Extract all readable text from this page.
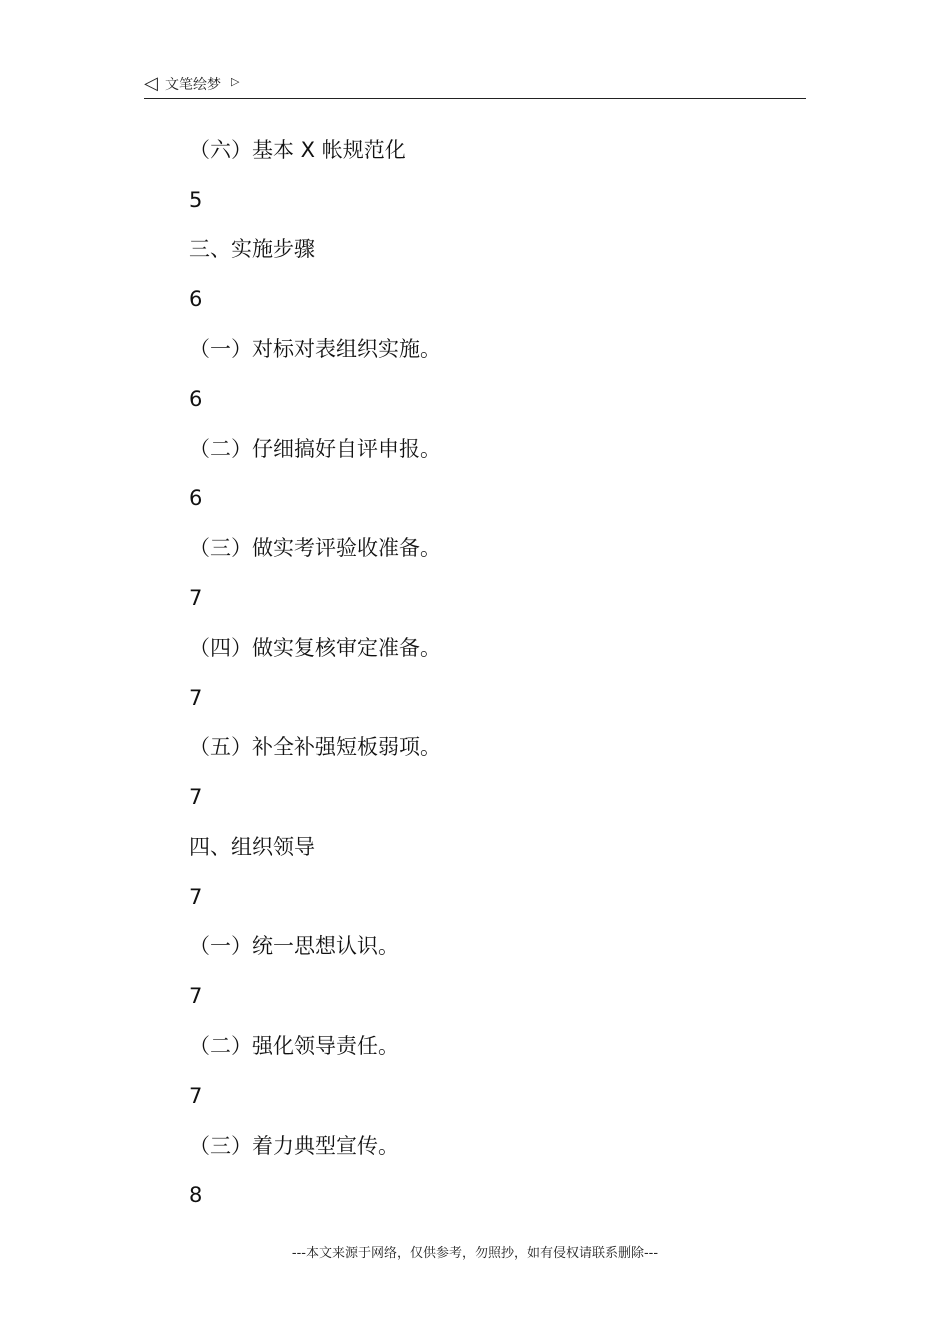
◁ 文笔绘梦 ▷
（六）基本 X 帐规范化
5
三、实施步骤
6
（一）对标对表组织实施。
6
（二）仔细搞好自评申报。
6
（三）做实考评验收准备。
7
（四）做实复核审定准备。
7
（五）补全补强短板弱项。
7
四、组织领导
7
（一）统一思想认识。
7
（二）强化领导责任。
7
（三）着力典型宣传。
8
---本文来源于网络，仅供参考，勿照抄，如有侵权请联系删除---
